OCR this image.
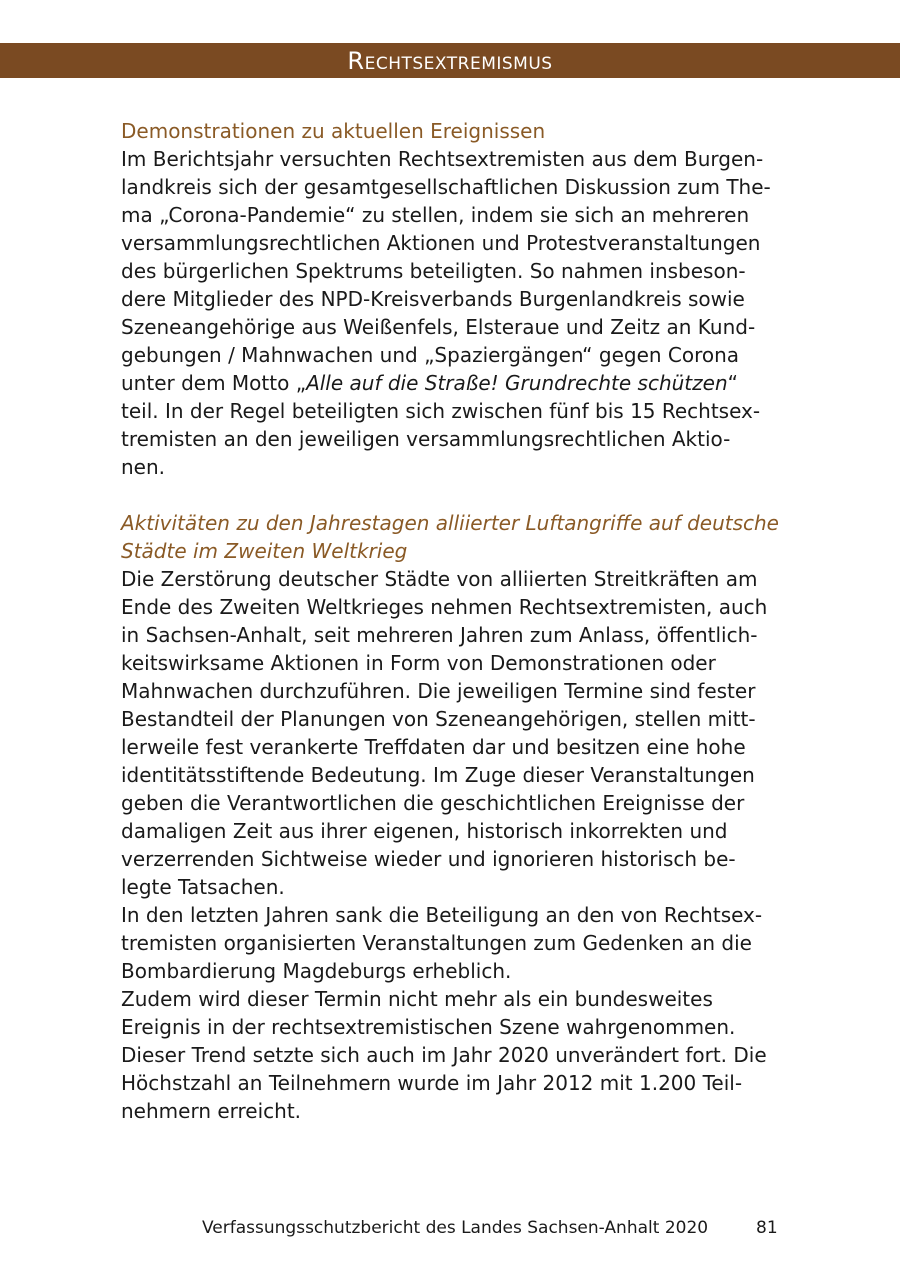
Rechtsextremismus
Demonstrationen zu aktuellen Ereignissen

Im Berichtsjahr versuchten Rechtsextremisten aus dem Burgen-
landkreis sich der gesamtgesellschaftlichen Diskussion zum The-
ma „Corona-Pandemie“ zu stellen, indem sie sich an mehreren
versammlungsrechtlichen Aktionen und Protestveranstaltungen
des bürgerlichen Spektrums beteiligten. So nahmen insbeson-
dere Mitglieder des NPD-Kreisverbands Burgenlandkreis sowie
Szeneangehörige aus Weißenfels, Elsteraue und Zeitz an Kund-
gebungen / Mahnwachen und „Spaziergängen“ gegen Corona
unter dem Motto „Alle auf die Straße! Grundrechte schützen“
teil. In der Regel beteiligten sich zwischen fünf bis 15 Rechtsex-
tremisten an den jeweiligen versammlungsrechtlichen Aktio-
nen.

Aktivitäten zu den Jahrestagen alliierter Luftangriffe auf deutsche
Städte im Zweiten Weltkrieg

Die Zerstörung deutscher Städte von alliierten Streitkräften am
Ende des Zweiten Weltkrieges nehmen Rechtsextremisten, auch
in Sachsen-Anhalt, seit mehreren Jahren zum Anlass, öffentlich-
keitswirksame Aktionen in Form von Demonstrationen oder
Mahnwachen durchzuführen. Die jeweiligen Termine sind fester
Bestandteil der Planungen von Szeneangehörigen, stellen mitt-
lerweile fest verankerte Treffdaten dar und besitzen eine hohe
identitätsstiftende Bedeutung. Im Zuge dieser Veranstaltungen
geben die Verantwortlichen die geschichtlichen Ereignisse der
damaligen Zeit aus ihrer eigenen, historisch inkorrekten und
verzerrenden Sichtweise wieder und ignorieren historisch be-
legte Tatsachen.
In den letzten Jahren sank die Beteiligung an den von Rechtsex-
tremisten organisierten Veranstaltungen zum Gedenken an die
Bombardierung Magdeburgs erheblich.
Zudem wird dieser Termin nicht mehr als ein bundesweites
Ereignis in der rechtsextremistischen Szene wahrgenommen.
Dieser Trend setzte sich auch im Jahr 2020 unverändert fort. Die
Höchstzahl an Teilnehmern wurde im Jahr 2012 mit 1.200 Teil-
nehmern erreicht.

Verfassungsschutzbericht des Landes Sachsen-Anhalt 2020	81
